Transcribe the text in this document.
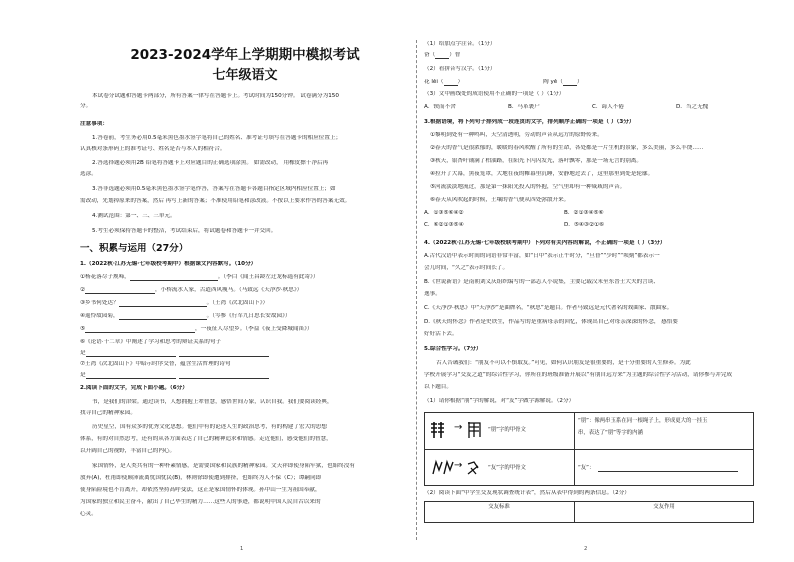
2023-2024学年上学期期中模拟考试
七年级语文
本试卷分试题和答题卡两部分，所有答案一律写在答题卡上。考试时间为150分钟。 试卷满分为150
分。
注意事项：
1.答卷前，考生务必用0.5毫米黑色墨水签字笔将自己的姓名、准考证号填写在答题卡的相应位置上；
认真核对条形码上的准考证号、姓名是否与本人的相符合。
2.答选择题必须用2B 铅笔将答题卡上对应题目的正确选项涂黑。 如需改动， 用橡皮擦干净后再
选涂。
3.答非选题必须用0.5毫米黑色墨水签字笔作答，答案写在答题卡各题目指定区域内相应位置上；如
需改动，先划掉原来的答案，然后 再写上新的答案；不准使用铅笔和涂改液。不按以上要求作答的答案无效。
4.测试范围：第一、三、三单元。
5.考生必须保持答题卡的整洁，考试结束后，将试题卷和答题卡一并交回。
一、积累与运用（27分）
1.（2022秋·江苏无锡·七年级校考期中）根据课文内容默写。（10分）
①杨花落尽子规啼，	。（李白《闻王昌龄左迁龙标遥有此寄》）
②	，小桥流水人家，古道西风瘦马。（马致远《天净沙·秋思》）
③乡书何处达？	。（王湾《次北固山下》）
④遥怜故园菊，	。（岑参《行军九日思长安故园》）
⑤	，一夜征人尽望乡。（李益《夜上受降城闻笛》）
⑥《论语·十二章》中阐述了学习和思考的辩证关系的句子
是
⑦王湾《次北固山下》中暗示时序交替，蕴含生活哲理的诗句
是
2.阅读下面的文字，完成下面小题。（6分）
书，是我们的津梁。通过读书，人想拥抱上辈智慧，感悟世间万象，认识自我。我们要阅读经典，
找寻自己的精神家园。
历史星空，国有众多的优秀文化思想。他们中有的论述人生的政治思考，有的构建了宏大的思想
体系，有的对自然思考，还有的从各方面表达了自己的精神追求和情感。走近他们，感受他们的智慧，
以开阔自己的视野，丰富自己的内心。
家国情怀，是人类共有的一种朴素情感，是需要国家和民族的精神家园。文天祥即使身陷牢狱，也始终没有
放弃(A)，杜甫即使颠沛流离忧国忧民(B)，林则徐即使遭到排挤，也始终为人不保（C）；谭嗣同即
使身陷险境也不肯离开，却依然坚持高呼变法，这正是家国情怀的体现。孙中山一生为祖国奉献，
为国家的独立和民主奋斗，献出了自己毕生的精力……这些人的事迹，都说明中国人民自古以来的
心灵。
1
（1）给加点字注音。（1分）
奋（	）智
（2）看拼音写汉字。（1分）
花 lěi（	）	陶 yě（	）
（3）文中画线处的成语使用不正确的一项是（ ）（1分）
A．锲而不舍	B．马革裹尸	C．诲人不倦	D．当之无愧
3.根据语境，将下列句子排列成一段连贯的文字，排列顺序正确的一项是（ ）（3分）
①黎明到处有一种鸣叫，天空清透明，劳动的声音从远方的原野传来。
②春天的香气是很浓郁的，暖暖的春风吹醒了所有的生命，各处都是一片生机的景象，多么美丽，多么丰饶……
③秋天，银杏叶铺满了柏油路，在阳光下闪闪发光，落叶飘零，那是一场无言的别离。
④拉开了大幕，黑夜笼罩，大地在夜的帷幕里沉睡，安静地过去了，这里那里到处是轮廓。
⑤河流淡淡地流过，那是第一抹阳光投入的怀抱，空气里却有一种咸咸的声音。
⑥春天从风吹起的时候，土壤的香气便从四处弥散开来。
A．①③⑤⑥④②	B．②①③④⑤⑥
C．⑥②①③⑤④	D．⑤④③②①⑥
4.（2022秋·江苏无锡·七年级校联考期中）下列对有关内容的解说，不正确的一项是（ ）（3分）
A.古代汉语中表示时间的词语非常丰富，如“日中”表示正午时分，“旦昏”“少时”“顷刻”都表示一
会儿时间，“久之”表示时间长了。
B.《世说新语》是南朝刘义庆组织编写的一部志人小说集，主要记载汉末至东晋士大夫的言谈、
逸事。
C.《天净沙·秋思》中“天净沙”是曲牌名，“秋思”是题目。作者马致远是元代著名的戏曲家、散曲家。
D.《秋天的怀念》作者是史铁生，作品写的是重病母亲的回忆，体现出自己对母亲深深的怀念， 感悟要
好好活下去。
5.综合性学习。（7分）
古人告诫我们：“朋友不可以不慎取友。”可见，如何认识朋友是很重要的，是十分重要的人生修养。为此
学校开展学习“交友之道”的综合性学习，你所在的班级准备开展以“有朋自远方来”为主题的综合性学习活动，请你参与并完成
以下题目。
（1）请你根据“朋”字的解说，对“友”字做字源解说。（2分）
→	“朋”字的甲骨文
“朋”：像两串玉系在同一根绳子上，形成更大的一挂玉
串，表达了“朋”等字的内涵
→	“友”字的甲骨文	“友”：
（2）阅读下面“中学生交友现状调查统计表”，然后从表中得到的两条信息。（2分）
交友标准	交友作用
2
